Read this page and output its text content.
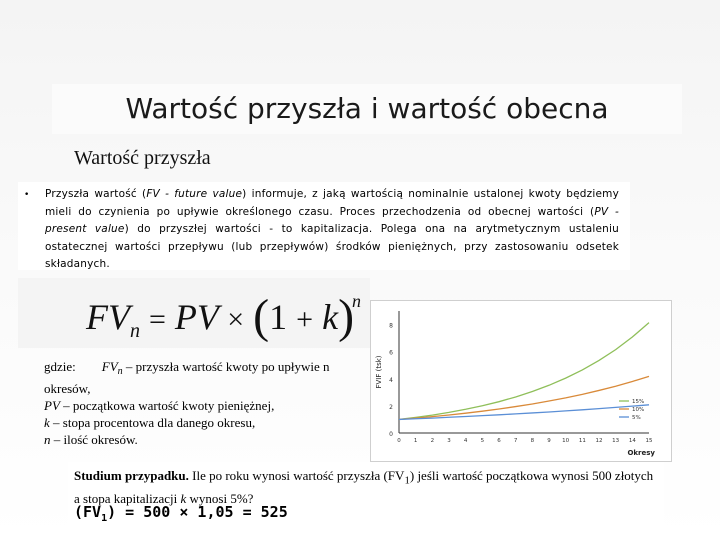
Wartość przyszła i wartość obecna
Wartość przyszła
• Przyszła wartość (FV - future value) informuje, z jaką wartością nominalnie ustalonej kwoty będziemy mieli do czynienia po upływie określonego czasu. Proces przechodzenia od obecnej wartości (PV - present value) do przyszłej wartości - to kapitalizacja. Polega ona na arytmetycznym ustaleniu ostatecznej wartości przepływu (lub przepływów) środków pieniężnych, przy zastosowaniu odsetek składanych.
$FV_n$ = PV × $(1 + k)^n$
gdzie: $FV_n$ – przyszła wartość kwoty po upływie n okresów,
PV – początkowa wartość kwoty pieniężnej,
k – stopa procentowa dla danego okresu,
n – ilość okresów.	0
2
4
6
8
0 1 2 3 4 5 6 7 8 9 10 11 12 13 14 15
FVIF (tsk)
Okresy
15%
10%
5%
Studium przypadku. Ile po roku wynosi wartość przyszła $(FV_1)$ jeśli wartość początkowa wynosi 500 złotych a stopa kapitalizacji k wynosi 5%?
$(FV_1) = 500 \times 1,05 = 525$
